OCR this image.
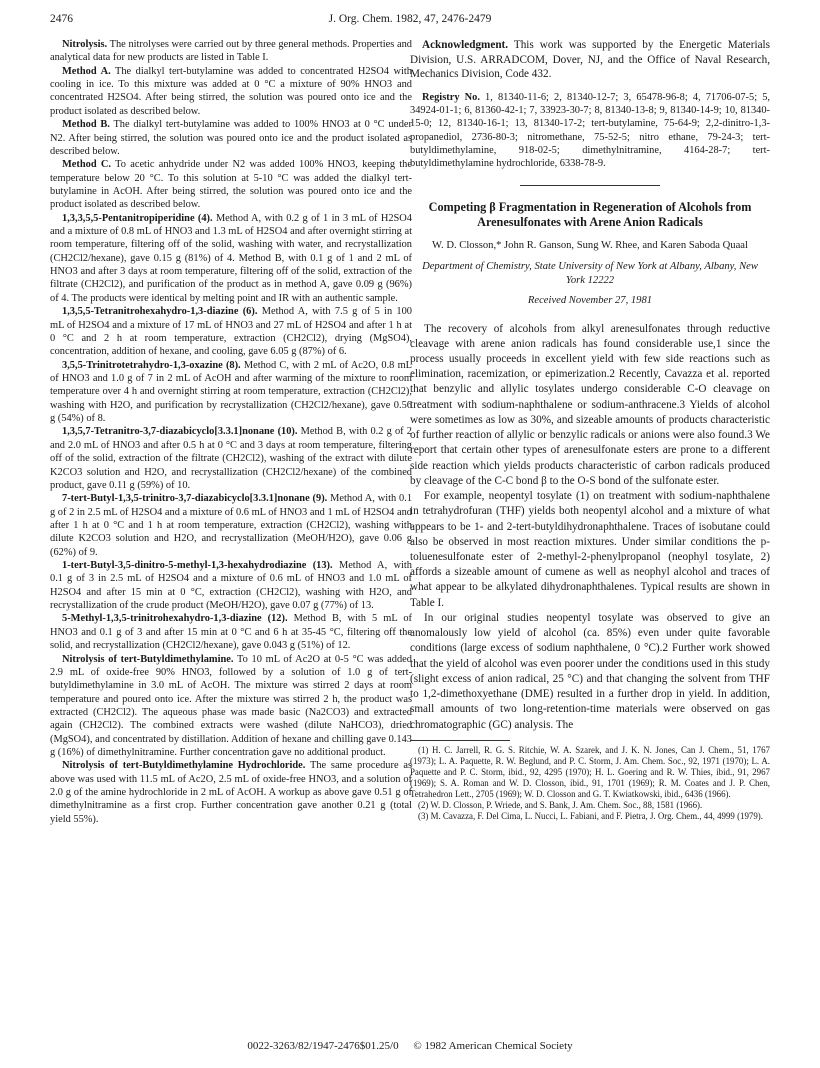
2476	J. Org. Chem. 1982, 47, 2476-2479

Nitrolysis. The nitrolyses were carried out by three general methods. Properties and analytical data for new products are listed in Table I.

Method A. The dialkyl tert-butylamine was added to concentrated H2SO4 with cooling in ice. To this mixture was added at 0 °C a mixture of 90% HNO3 and concentrated H2SO4. After being stirred, the solution was poured onto ice and the product isolated as described below.

Method B. The dialkyl tert-butylamine was added to 100% HNO3 at 0 °C under N2. After being stirred, the solution was poured onto ice and the product isolated as described below.

Method C. To acetic anhydride under N2 was added 100% HNO3, keeping the temperature below 20 °C. To this solution at 5-10 °C was added the dialkyl tert-butylamine in AcOH. After being stirred, the solution was poured onto ice and the product isolated as described below.

1,3,3,5,5-Pentanitropiperidine (4). Method A, with 0.2 g of 1 in 3 mL of H2SO4 and a mixture of 0.8 mL of HNO3 and 1.3 mL of H2SO4 and after overnight stirring at room temperature, filtering off of the solid, washing with water, and recrystallization (CH2Cl2/hexane), gave 0.15 g (81%) of 4. Method B, with 0.1 g of 1 and 2 mL of HNO3 and after 3 days at room temperature, filtering off of the solid, extraction of the filtrate (CH2Cl2), and purification of the product as in method A, gave 0.09 g (96%) of 4. The products were identical by melting point and IR with an authentic sample.

1,3,5,5-Tetranitrohexahydro-1,3-diazine (6). Method A, with 7.5 g of 5 in 100 mL of H2SO4 and a mixture of 17 mL of HNO3 and 27 mL of H2SO4 and after 1 h at 0 °C and 2 h at room temperature, extraction (CH2Cl2), drying (MgSO4), concentration, addition of hexane, and cooling, gave 6.05 g (87%) of 6.

3,5,5-Trinitrotetrahydro-1,3-oxazine (8). Method C, with 2 mL of Ac2O, 0.8 mL of HNO3 and 1.0 g of 7 in 2 mL of AcOH and after warming of the mixture to room temperature over 4 h and overnight stirring at room temperature, extraction (CH2Cl2), washing with H2O, and purification by recrystallization (CH2Cl2/hexane), gave 0.56 g (54%) of 8.

1,3,5,7-Tetranitro-3,7-diazabicyclo[3.3.1]nonane (10). Method B, with 0.2 g of 2 and 2.0 mL of HNO3 and after 0.5 h at 0 °C and 3 days at room temperature, filtering off of the solid, extraction of the filtrate (CH2Cl2), washing of the extract with dilute K2CO3 solution and H2O, and recrystallization (CH2Cl2/hexane) of the combined product, gave 0.11 g (59%) of 10.

7-tert-Butyl-1,3,5-trinitro-3,7-diazabicyclo[3.3.1]nonane (9). Method A, with 0.1 g of 2 in 2.5 mL of H2SO4 and a mixture of 0.6 mL of HNO3 and 1 mL of H2SO4 and after 1 h at 0 °C and 1 h at room temperature, extraction (CH2Cl2), washing with dilute K2CO3 solution and H2O, and recrystallization (MeOH/H2O), gave 0.06 g (62%) of 9.

1-tert-Butyl-3,5-dinitro-5-methyl-1,3-hexahydrodiazine (13). Method A, with 0.1 g of 3 in 2.5 mL of H2SO4 and a mixture of 0.6 mL of HNO3 and 1.0 mL of H2SO4 and after 15 min at 0 °C, extraction (CH2Cl2), washing with H2O, and recrystallization of the crude product (MeOH/H2O), gave 0.07 g (77%) of 13.

5-Methyl-1,3,5-trinitrohexahydro-1,3-diazine (12). Method B, with 5 mL of HNO3 and 0.1 g of 3 and after 15 min at 0 °C and 6 h at 35-45 °C, filtering off the solid, and recrystallization (CH2Cl2/hexane), gave 0.043 g (51%) of 12.

Nitrolysis of tert-Butyldimethylamine. To 10 mL of Ac2O at 0-5 °C was added 2.9 mL of oxide-free 90% HNO3, followed by a solution of 1.0 g of tert-butyldimethylamine in 3.0 mL of AcOH. The mixture was stirred 2 days at room temperature and poured onto ice. After the mixture was stirred 2 h, the product was extracted (CH2Cl2). The aqueous phase was made basic (Na2CO3) and extracted again (CH2Cl2). The combined extracts were washed (dilute NaHCO3), dried (MgSO4), and concentrated by distillation. Addition of hexane and chilling gave 0.143 g (16%) of dimethylnitramine. Further concentration gave no additional product.

Nitrolysis of tert-Butyldimethylamine Hydrochloride. The same procedure as above was used with 11.5 mL of Ac2O, 2.5 mL of oxide-free HNO3, and a solution of 2.0 g of the amine hydrochloride in 2 mL of AcOH. A workup as above gave 0.51 g of dimethylnitramine as a first crop. Further concentration gave another 0.21 g (total yield 55%).

Acknowledgment. This work was supported by the Energetic Materials Division, U.S. ARRADCOM, Dover, NJ, and the Office of Naval Research, Mechanics Division, Code 432.

Registry No. 1, 81340-11-6; 2, 81340-12-7; 3, 65478-96-8; 4, 71706-07-5; 5, 34924-01-1; 6, 81360-42-1; 7, 33923-30-7; 8, 81340-13-8; 9, 81340-14-9; 10, 81340-15-0; 12, 81340-16-1; 13, 81340-17-2; tert-butylamine, 75-64-9; 2,2-dinitro-1,3-propanediol, 2736-80-3; nitromethane, 75-52-5; nitro ethane, 79-24-3; tert-butyldimethylamine, 918-02-5; dimethylnitramine, 4164-28-7; tert-butyldimethylamine hydrochloride, 6338-78-9.

Competing β Fragmentation in Regeneration of Alcohols from Arenesulfonates with Arene Anion Radicals
W. D. Closson,* John R. Ganson, Sung W. Rhee, and Karen Saboda Quaal
Department of Chemistry, State University of New York at Albany, Albany, New York 12222
Received November 27, 1981

The recovery of alcohols from alkyl arenesulfonates through reductive cleavage with arene anion radicals has found considerable use,1 since the process usually proceeds in excellent yield with few side reactions such as elimination, racemization, or epimerization.2 Recently, Cavazza et al. reported that benzylic and allylic tosylates undergo considerable C-O cleavage on treatment with sodium-naphthalene or sodium-anthracene.3 Yields of alcohol were sometimes as low as 30%, and sizeable amounts of products characteristic of further reaction of allylic or benzylic radicals or anions were also found.3 We report that certain other types of arenesulfonate esters are prone to a different side reaction which yields products characteristic of carbon radicals produced by cleavage of the C-C bond β to the O-S bond of the sulfonate ester.

For example, neopentyl tosylate (1) on treatment with sodium-naphthalene in tetrahydrofuran (THF) yields both neopentyl alcohol and a mixture of what appears to be 1- and 2-tert-butyldihydronaphthalene. Traces of isobutane could also be observed in most reaction mixtures. Under similar conditions the p-toluenesulfonate ester of 2-methyl-2-phenylpropanol (neophyl tosylate, 2) affords a sizeable amount of cumene as well as neophyl alcohol and traces of what appear to be alkylated dihydronaphthalenes. Typical results are shown in Table I.

In our original studies neopentyl tosylate was observed to give an anomalously low yield of alcohol (ca. 85%) even under quite favorable conditions (large excess of sodium naphthalene, 0 °C).2 Further work showed that the yield of alcohol was even poorer under the conditions used in this study (slight excess of anion radical, 25 °C) and that changing the solvent from THF to 1,2-dimethoxyethane (DME) resulted in a further drop in yield. In addition, small amounts of two long-retention-time materials were observed on gas chromatographic (GC) analysis. The

(1) H. C. Jarrell, R. G. S. Ritchie, W. A. Szarek, and J. K. N. Jones, Can J. Chem., 51, 1767 (1973); L. A. Paquette, R. W. Beglund, and P. C. Storm, J. Am. Chem. Soc., 92, 1971 (1970); L. A. Paquette and P. C. Storm, ibid., 92, 4295 (1970); H. L. Goering and R. W. Thies, ibid., 91, 2967 (1969); S. A. Roman and W. D. Closson, ibid., 91, 1701 (1969); R. M. Coates and J. P. Chen, Tetrahedron Lett., 2705 (1969); W. D. Closson and G. T. Kwiatkowski, ibid., 6436 (1966).

(2) W. D. Closson, P. Wriede, and S. Bank, J. Am. Chem. Soc., 88, 1581 (1966).

(3) M. Cavazza, F. Del Cima, L. Nucci, L. Fabiani, and F. Pietra, J. Org. Chem., 44, 4999 (1979).

0022-3263/82/1947-2476$01.25/0 © 1982 American Chemical Society
